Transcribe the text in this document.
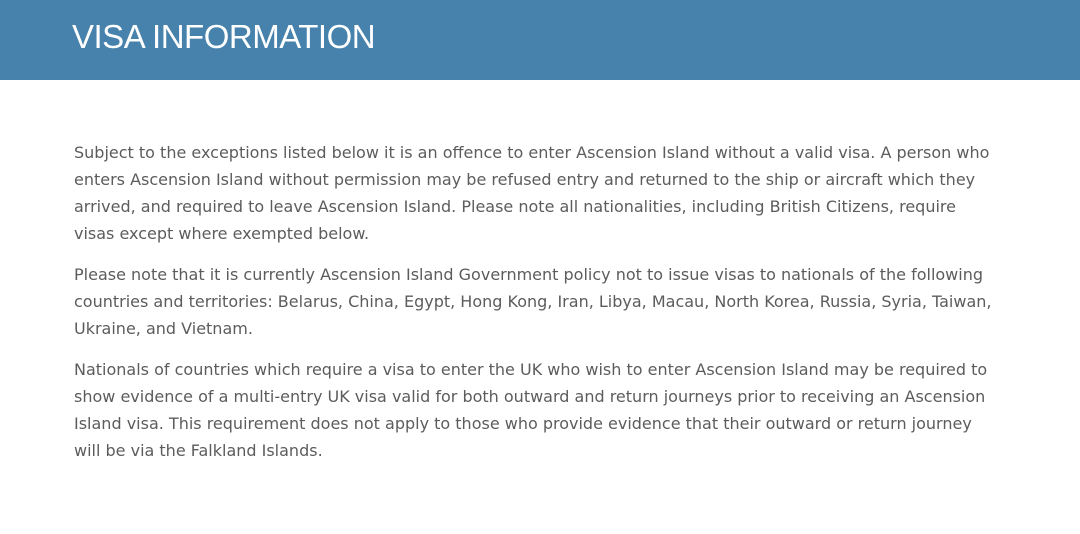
VISA INFORMATION

Subject to the exceptions listed below it is an offence to enter Ascension Island without a valid visa. A person who enters Ascension Island without permission may be refused entry and returned to the ship or aircraft which they arrived, and required to leave Ascension Island. Please note all nationalities, including British Citizens, require visas except where exempted below.

Please note that it is currently Ascension Island Government policy not to issue visas to nationals of the following countries and territories: Belarus, China, Egypt, Hong Kong, Iran, Libya, Macau, North Korea, Russia, Syria, Taiwan, Ukraine, and Vietnam.

Nationals of countries which require a visa to enter the UK who wish to enter Ascension Island may be required to show evidence of a multi-entry UK visa valid for both outward and return journeys prior to receiving an Ascension Island visa. This requirement does not apply to those who provide evidence that their outward or return journey will be via the Falkland Islands.
